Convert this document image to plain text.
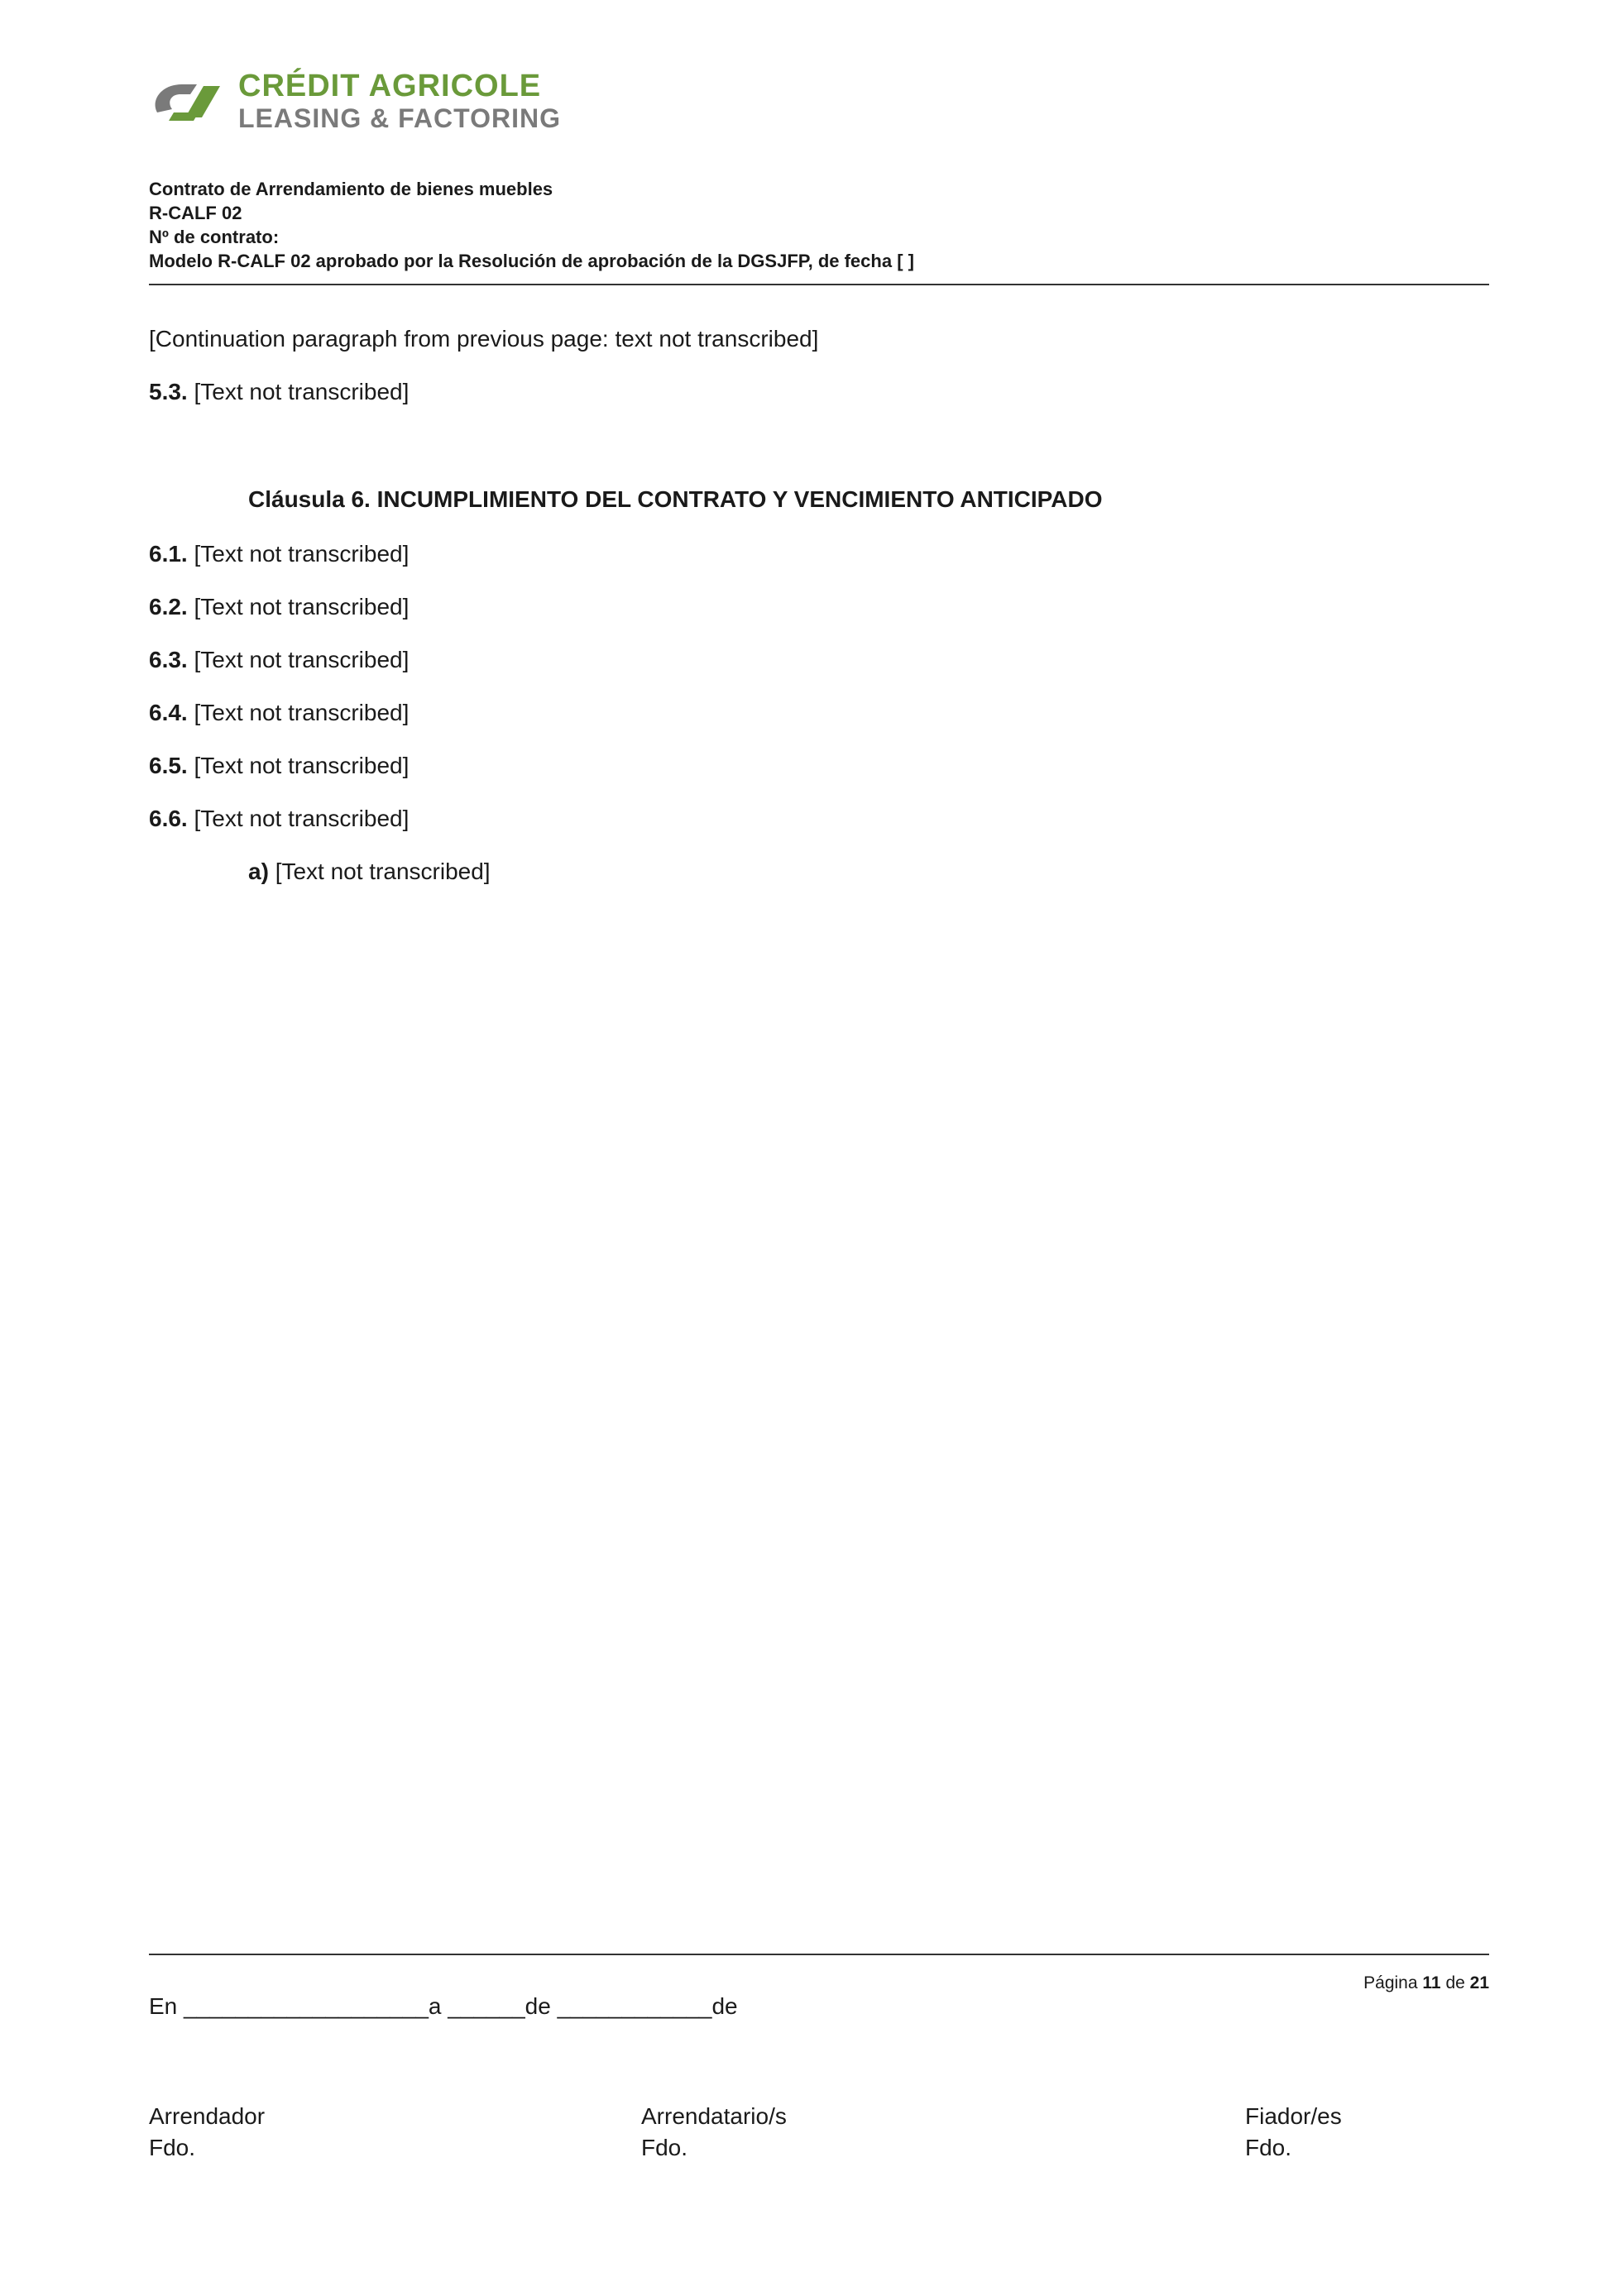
CRÉDIT AGRICOLE
LEASING & FACTORING
Contrato de Arrendamiento de bienes muebles
R-CALF 02
Nº de contrato:
Modelo R-CALF 02 aprobado por la Resolución de aprobación de la DGSJFP, de fecha [ ]

[Continuation paragraph from previous page: text not transcribed]

5.3. [Text not transcribed]

Cláusula 6. INCUMPLIMIENTO DEL CONTRATO Y VENCIMIENTO ANTICIPADO

6.1. [Text not transcribed]

6.2. [Text not transcribed]

6.3. [Text not transcribed]

6.4. [Text not transcribed]

6.5. [Text not transcribed]

6.6. [Text not transcribed]

a) [Text not transcribed]

Página 11 de 21
En ___________________a ______de ____________de
Arrendador
Fdo.
Arrendatario/s
Fdo.
Fiador/es
Fdo.
